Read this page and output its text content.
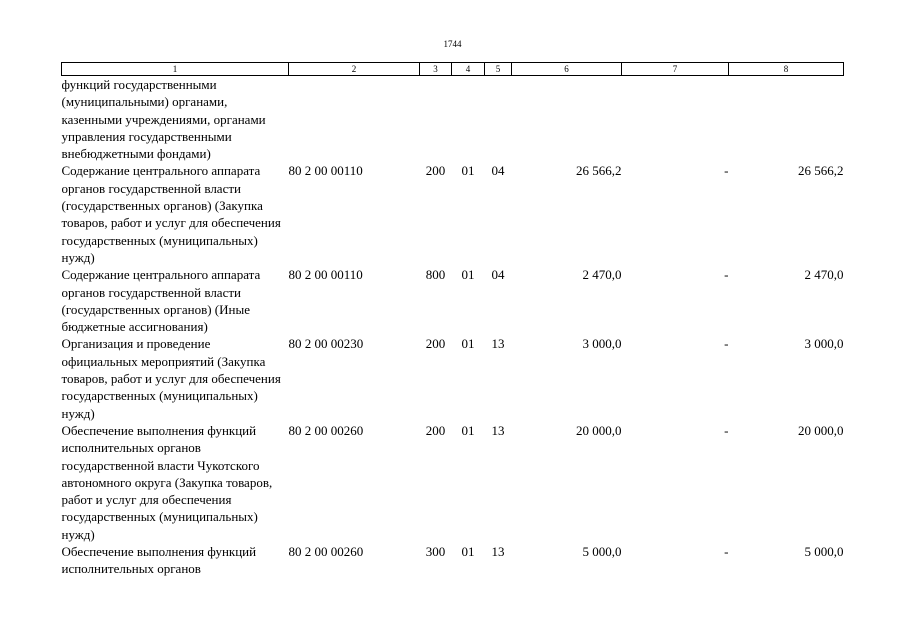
1744
1	2	3	4	5	6	7	8
функций государственными (муниципальными) органами, казенными учреждениями, органами управления государственными внебюджетными фондами)							
Содержание центрального аппарата органов государственной власти (государственных органов) (Закупка товаров, работ и услуг для обеспечения государственных (муниципальных) нужд)	80 2 00 00110	200	01	04	26 566,2	-	26 566,2
Содержание центрального аппарата органов государственной власти (государственных органов) (Иные бюджетные ассигнования)	80 2 00 00110	800	01	04	2 470,0	-	2 470,0
Организация и проведение официальных мероприятий (Закупка товаров, работ и услуг для обеспечения государственных (муниципальных) нужд)	80 2 00 00230	200	01	13	3 000,0	-	3 000,0
Обеспечение выполнения функций исполнительных органов государственной власти Чукотского автономного округа (Закупка товаров, работ и услуг для обеспечения государственных (муниципальных) нужд)	80 2 00 00260	200	01	13	20 000,0	-	20 000,0
Обеспечение выполнения функций исполнительных органов	80 2 00 00260	300	01	13	5 000,0	-	5 000,0
